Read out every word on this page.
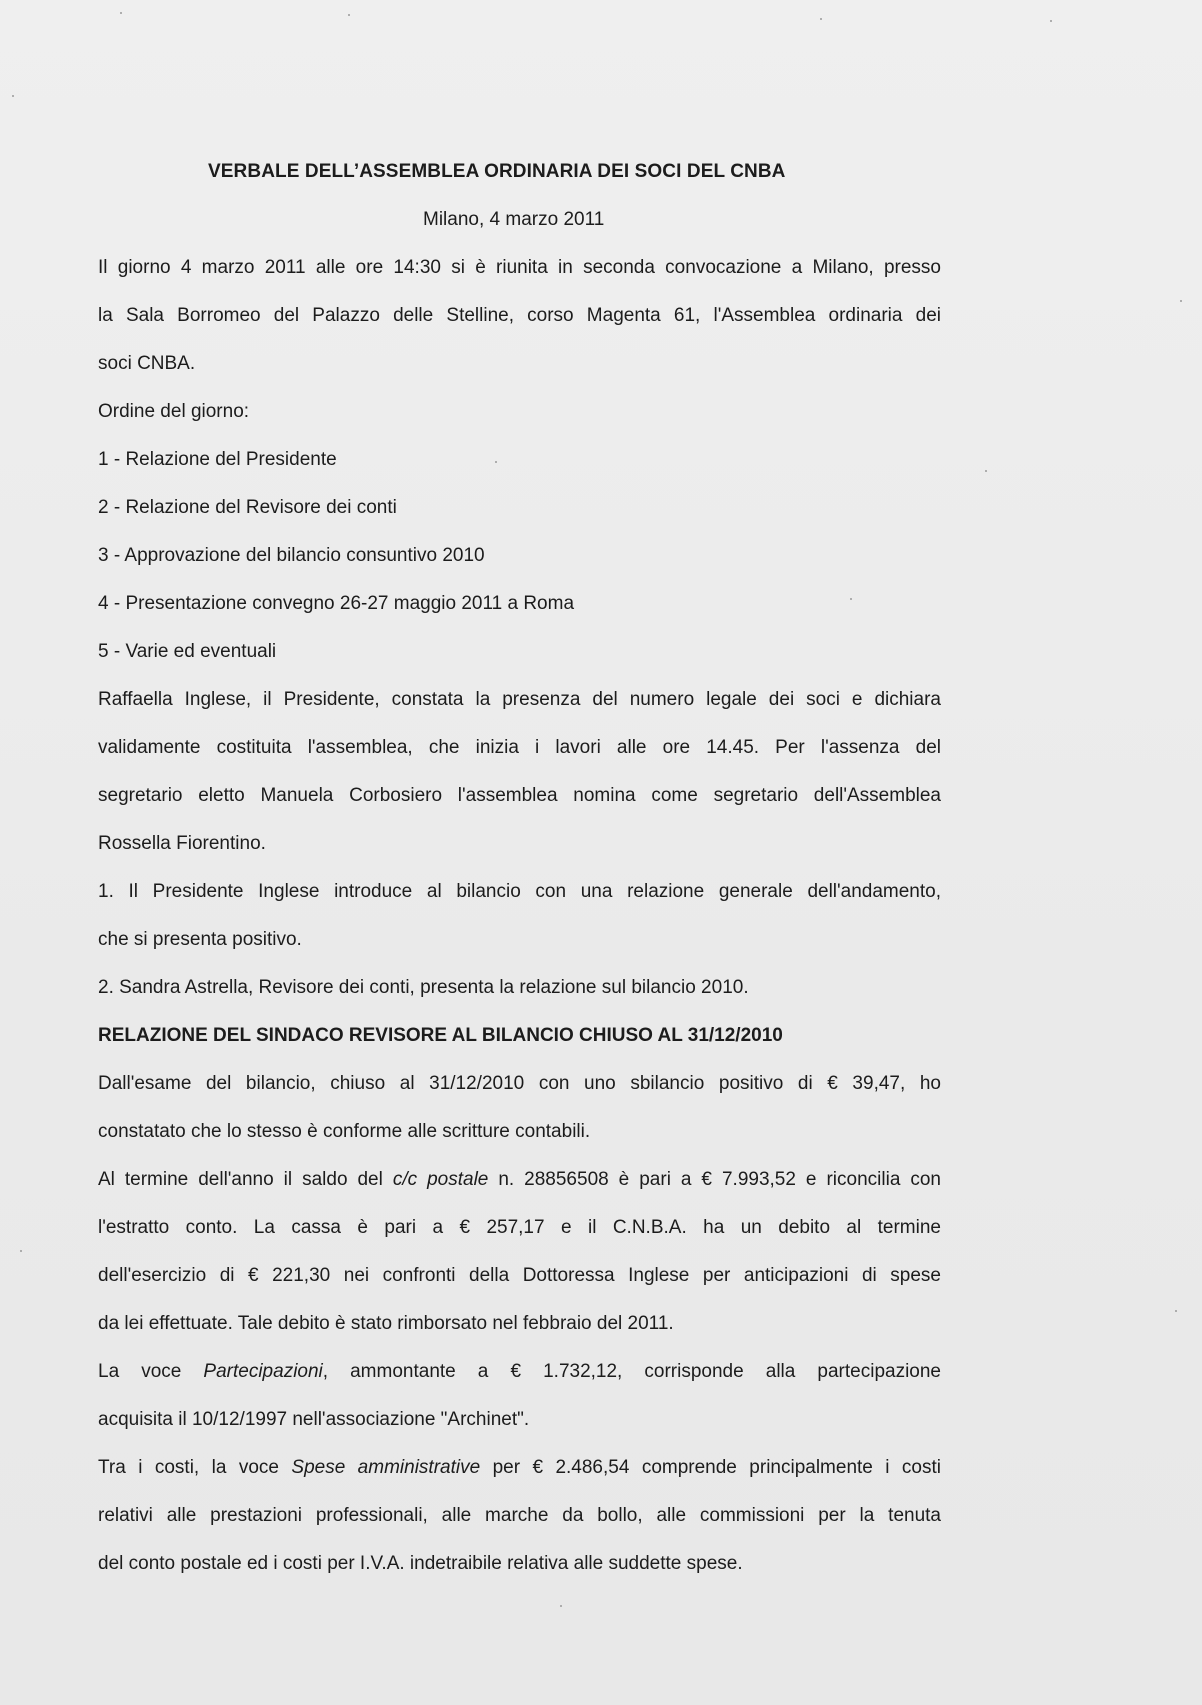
VERBALE DELL’ASSEMBLEA ORDINARIA DEI SOCI DEL CNBA
Milano, 4 marzo 2011
Il giorno 4 marzo 2011 alle ore 14:30 si è riunita in seconda convocazione a Milano, presso
la Sala Borromeo del Palazzo delle Stelline, corso Magenta 61, l'Assemblea ordinaria dei
soci CNBA.
Ordine del giorno:
1 - Relazione del Presidente
2 - Relazione del Revisore dei conti
3 - Approvazione del bilancio consuntivo 2010
4 - Presentazione convegno 26-27 maggio 2011 a Roma
5 - Varie ed eventuali
Raffaella Inglese, il Presidente, constata la presenza del numero legale dei soci e dichiara
validamente costituita l'assemblea, che inizia i lavori alle ore 14.45. Per l'assenza del
segretario eletto Manuela Corbosiero l'assemblea nomina come segretario dell'Assemblea
Rossella Fiorentino.
1. Il Presidente Inglese introduce al bilancio con una relazione generale dell'andamento,
che si presenta positivo.
2. Sandra Astrella, Revisore dei conti, presenta la relazione sul bilancio 2010.
RELAZIONE DEL SINDACO REVISORE AL BILANCIO CHIUSO AL 31/12/2010
Dall'esame del bilancio, chiuso al 31/12/2010 con uno sbilancio positivo di € 39,47, ho
constatato che lo stesso è conforme alle scritture contabili.
Al termine dell'anno il saldo del c/c postale n. 28856508 è pari a € 7.993,52 e riconcilia con
l'estratto conto. La cassa è pari a € 257,17 e il C.N.B.A. ha un debito al termine
dell'esercizio di € 221,30 nei confronti della Dottoressa Inglese per anticipazioni di spese
da lei effettuate. Tale debito è stato rimborsato nel febbraio del 2011.
La voce Partecipazioni, ammontante a € 1.732,12, corrisponde alla partecipazione
acquisita il 10/12/1997 nell'associazione "Archinet".
Tra i costi, la voce Spese amministrative per € 2.486,54 comprende principalmente i costi
relativi alle prestazioni professionali, alle marche da bollo, alle commissioni per la tenuta
del conto postale ed i costi per I.V.A. indetraibile relativa alle suddette spese.
